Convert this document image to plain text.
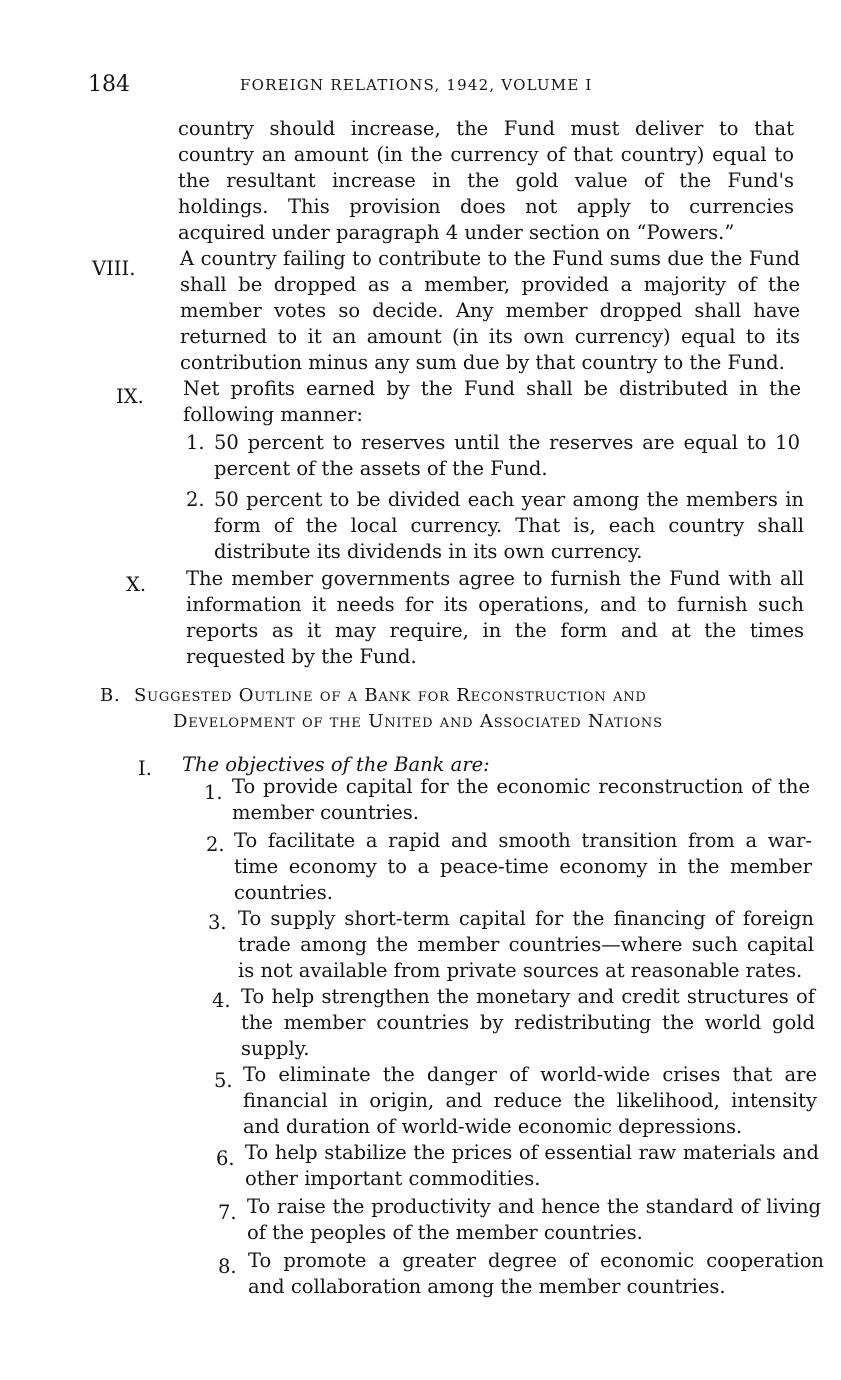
184	FOREIGN RELATIONS, 1942, VOLUME I
country should increase, the Fund must deliver to that country an amount (in the currency of that country) equal to the resultant increase in the gold value of the Fund's holdings. This provision does not apply to currencies acquired under paragraph 4 under section on “Powers.”
VIII. A country failing to contribute to the Fund sums due the Fund shall be dropped as a member, provided a majority of the member votes so decide. Any member dropped shall have returned to it an amount (in its own currency) equal to its contribution minus any sum due by that country to the Fund.
IX. Net profits earned by the Fund shall be distributed in the following manner:
1. 50 percent to reserves until the reserves are equal to 10 percent of the assets of the Fund.
2. 50 percent to be divided each year among the members in form of the local currency. That is, each country shall distribute its dividends in its own currency.
X. The member governments agree to furnish the Fund with all information it needs for its operations, and to furnish such reports as it may require, in the form and at the times requested by the Fund.
B. Suggested Outline of a Bank for Reconstruction and
Development of the United and Associated Nations
I. The objectives of the Bank are:
1. To provide capital for the economic reconstruction of the member countries.
2. To facilitate a rapid and smooth transition from a war-time economy to a peace-time economy in the member countries.
3. To supply short-term capital for the financing of foreign trade among the member countries—where such capital is not available from private sources at reasonable rates.
4. To help strengthen the monetary and credit structures of the member countries by redistributing the world gold supply.
5. To eliminate the danger of world-wide crises that are financial in origin, and reduce the likelihood, intensity and duration of world-wide economic depressions.
6. To help stabilize the prices of essential raw materials and other important commodities.
7. To raise the productivity and hence the standard of living of the peoples of the member countries.
8. To promote a greater degree of economic cooperation and collaboration among the member countries.
